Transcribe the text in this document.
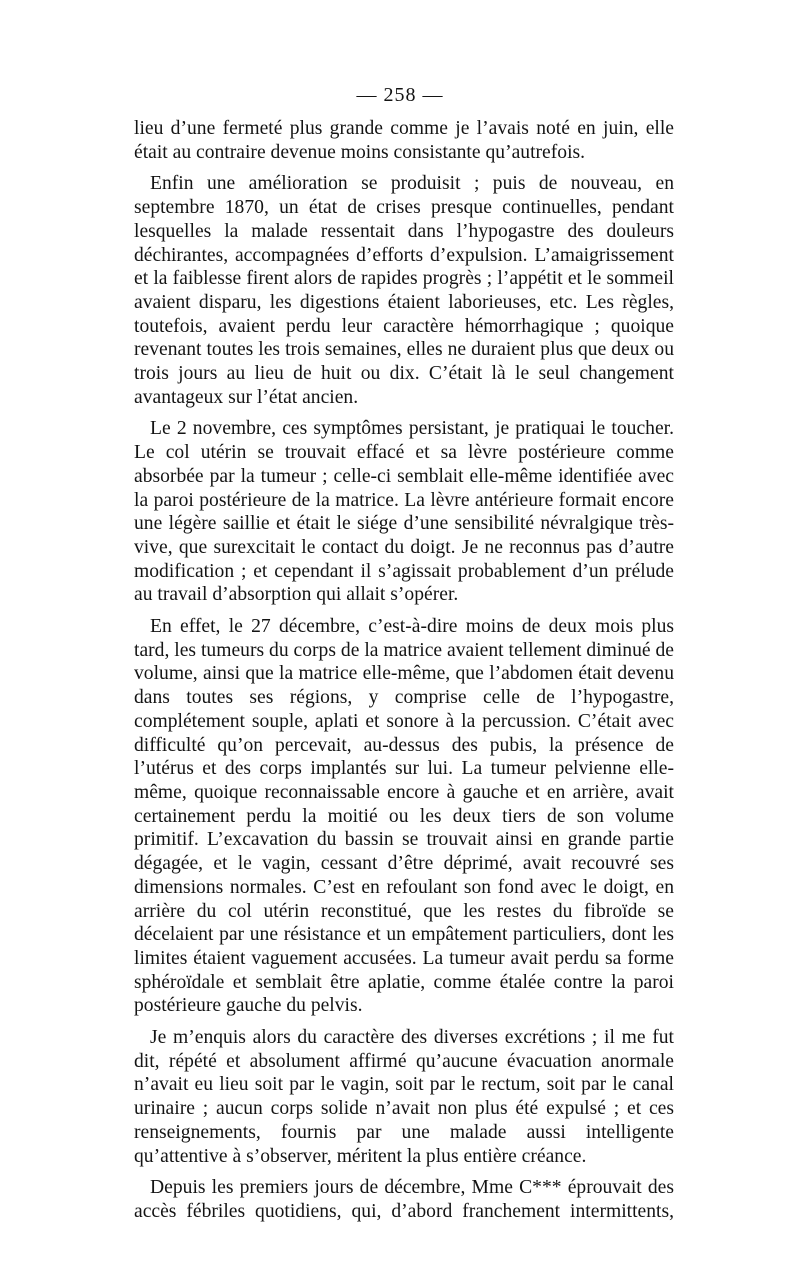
— 258 —

lieu d’une fermeté plus grande comme je l’avais noté en juin, elle était au contraire devenue moins consistante qu’autrefois.

Enfin une amélioration se produisit ; puis de nouveau, en septembre 1870, un état de crises presque continuelles, pendant lesquelles la malade ressentait dans l’hypogastre des douleurs déchirantes, accompagnées d’efforts d’expulsion. L’amaigrissement et la faiblesse firent alors de rapides progrès ; l’appétit et le sommeil avaient disparu, les digestions étaient laborieuses, etc. Les règles, toutefois, avaient perdu leur caractère hémorrhagique ; quoique revenant toutes les trois semaines, elles ne duraient plus que deux ou trois jours au lieu de huit ou dix. C’était là le seul changement avantageux sur l’état ancien.

Le 2 novembre, ces symptômes persistant, je pratiquai le toucher. Le col utérin se trouvait effacé et sa lèvre postérieure comme absorbée par la tumeur ; celle-ci semblait elle-même identifiée avec la paroi postérieure de la matrice. La lèvre antérieure formait encore une légère saillie et était le siége d’une sensibilité névralgique très-vive, que surexcitait le contact du doigt. Je ne reconnus pas d’autre modification ; et cependant il s’agissait probablement d’un prélude au travail d’absorption qui allait s’opérer.

En effet, le 27 décembre, c’est-à-dire moins de deux mois plus tard, les tumeurs du corps de la matrice avaient tellement diminué de volume, ainsi que la matrice elle-même, que l’abdomen était devenu dans toutes ses régions, y comprise celle de l’hypogastre, complétement souple, aplati et sonore à la percussion. C’était avec difficulté qu’on percevait, au-dessus des pubis, la présence de l’utérus et des corps implantés sur lui. La tumeur pelvienne elle-même, quoique reconnaissable encore à gauche et en arrière, avait certainement perdu la moitié ou les deux tiers de son volume primitif. L’excavation du bassin se trouvait ainsi en grande partie dégagée, et le vagin, cessant d’être déprimé, avait recouvré ses dimensions normales. C’est en refoulant son fond avec le doigt, en arrière du col utérin reconstitué, que les restes du fibroïde se décelaient par une résistance et un empâtement particuliers, dont les limites étaient vaguement accusées. La tumeur avait perdu sa forme sphéroïdale et semblait être aplatie, comme étalée contre la paroi postérieure gauche du pelvis.

Je m’enquis alors du caractère des diverses excrétions ; il me fut dit, répété et absolument affirmé qu’aucune évacuation anormale n’avait eu lieu soit par le vagin, soit par le rectum, soit par le canal urinaire ; aucun corps solide n’avait non plus été expulsé ; et ces renseignements, fournis par une malade aussi intelligente qu’attentive à s’observer, méritent la plus entière créance.

Depuis les premiers jours de décembre, Mme C*** éprouvait des accès fébriles quotidiens, qui, d’abord franchement intermittents,
